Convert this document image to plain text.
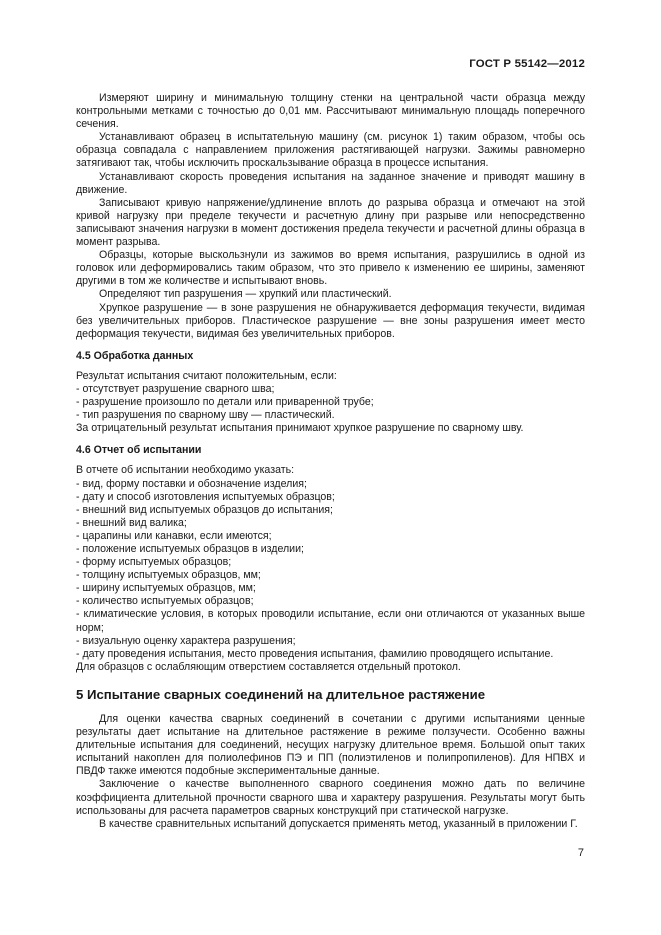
ГОСТ Р 55142—2012

Измеряют ширину и минимальную толщину стенки на центральной части образца между контрольными метками с точностью до 0,01 мм. Рассчитывают минимальную площадь поперечного сечения.

Устанавливают образец в испытательную машину (см. рисунок 1) таким образом, чтобы ось образца совпадала с направлением приложения растягивающей нагрузки. Зажимы равномерно затягивают так, чтобы исключить проскальзывание образца в процессе испытания.

Устанавливают скорость проведения испытания на заданное значение и приводят машину в движение.

Записывают кривую напряжение/удлинение вплоть до разрыва образца и отмечают на этой кривой нагрузку при пределе текучести и расчетную длину при разрыве или непосредственно записывают значения нагрузки в момент достижения предела текучести и расчетной длины образца в момент разрыва.

Образцы, которые выскользнули из зажимов во время испытания, разрушились в одной из головок или деформировались таким образом, что это привело к изменению ее ширины, заменяют другими в том же количестве и испытывают вновь.

Определяют тип разрушения — хрупкий или пластический.

Хрупкое разрушение — в зоне разрушения не обнаруживается деформация текучести, видимая без увеличительных приборов. Пластическое разрушение — вне зоны разрушения имеет место деформация текучести, видимая без увеличительных приборов.

4.5 Обработка данных

Результат испытания считают положительным, если:

- отсутствует разрушение сварного шва;

- разрушение произошло по детали или приваренной трубе;

- тип разрушения по сварному шву — пластический.

За отрицательный результат испытания принимают хрупкое разрушение по сварному шву.

4.6 Отчет об испытании

В отчете об испытании необходимо указать:

- вид, форму поставки и обозначение изделия;

- дату и способ изготовления испытуемых образцов;

- внешний вид испытуемых образцов до испытания;

- внешний вид валика;

- царапины или канавки, если имеются;

- положение испытуемых образцов в изделии;

- форму испытуемых образцов;

- толщину испытуемых образцов, мм;

- ширину испытуемых образцов, мм;

- количество испытуемых образцов;

- климатические условия, в которых проводили испытание, если они отличаются от указанных выше норм;

- визуальную оценку характера разрушения;

- дату проведения испытания, место проведения испытания, фамилию проводящего испытание.

Для образцов с ослабляющим отверстием составляется отдельный протокол.

5 Испытание сварных соединений на длительное растяжение

Для оценки качества сварных соединений в сочетании с другими испытаниями ценные результаты дает испытание на длительное растяжение в режиме ползучести. Особенно важны длительные испытания для соединений, несущих нагрузку длительное время. Большой опыт таких испытаний накоплен для полиолефинов ПЭ и ПП (полиэтиленов и полипропиленов). Для НПВХ и ПВДФ также имеются подобные экспериментальные данные.

Заключение о качестве выполненного сварного соединения можно дать по величине коэффициента длительной прочности сварного шва и характеру разрушения. Результаты могут быть использованы для расчета параметров сварных конструкций при статической нагрузке.

В качестве сравнительных испытаний допускается применять метод, указанный в приложении Г.

7
